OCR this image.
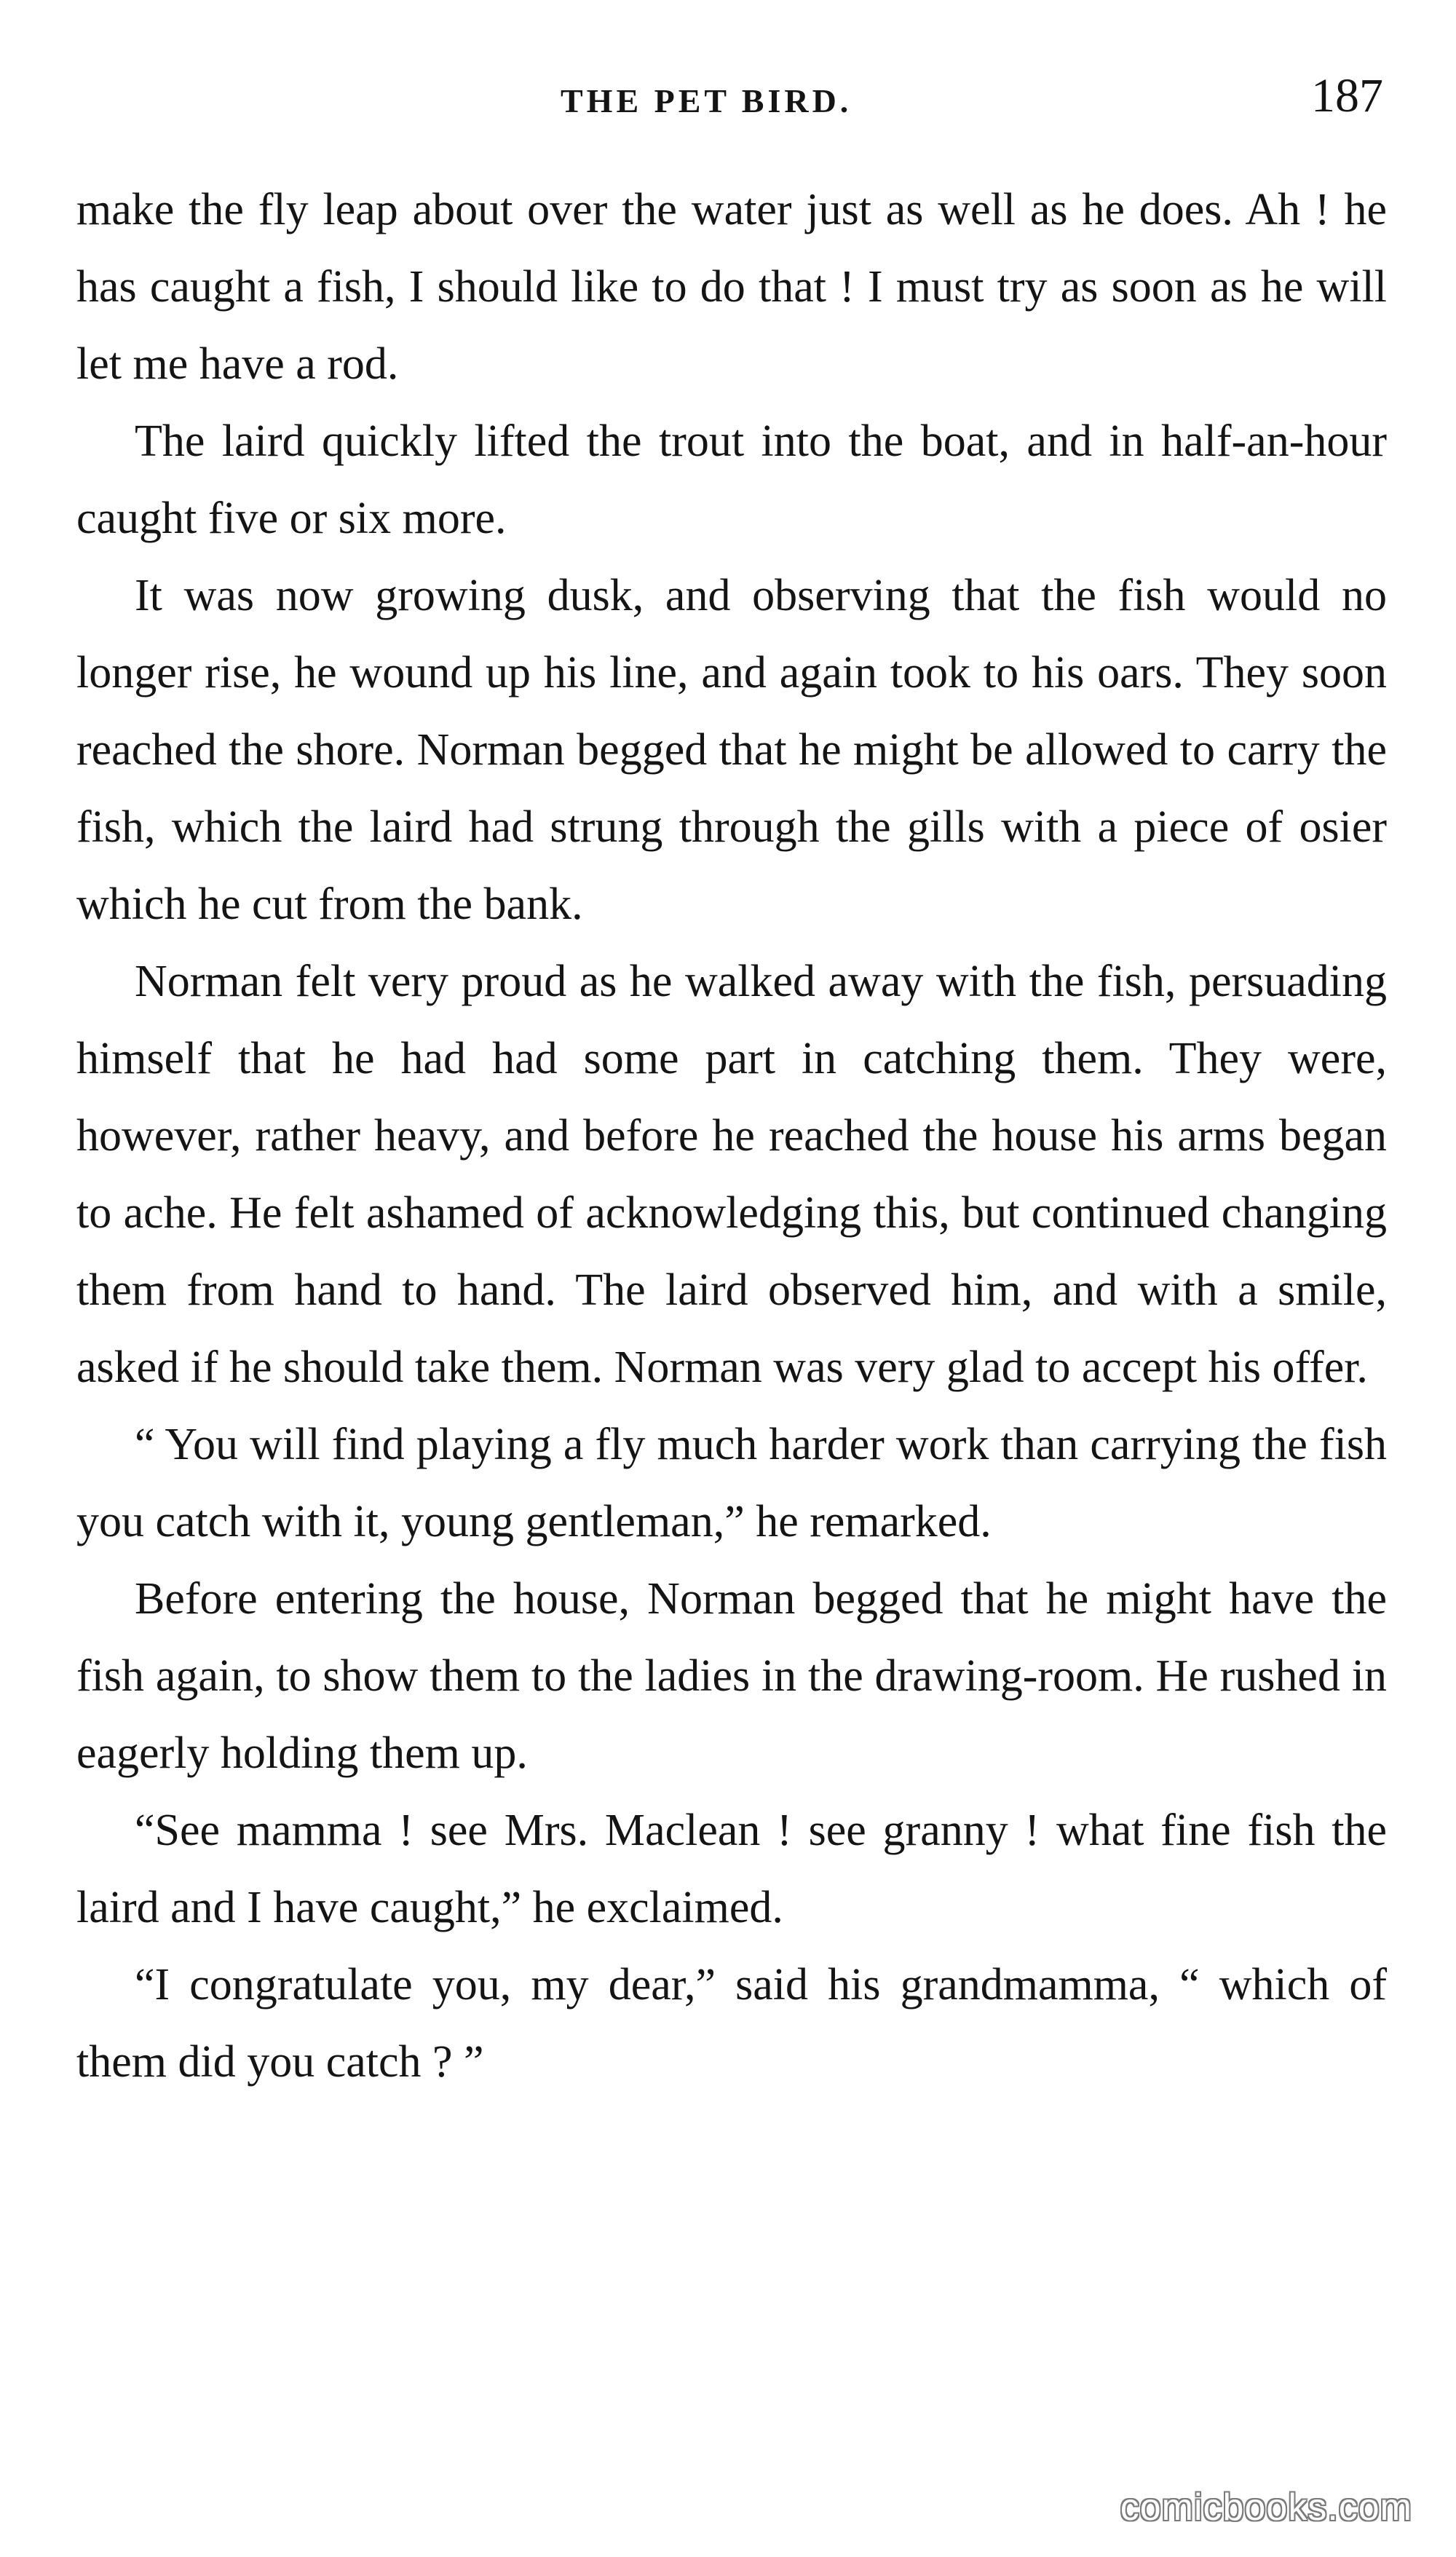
THE PET BIRD.	187

make the fly leap about over the water just as well as he does. Ah ! he has caught a fish, I should like to do that ! I must try as soon as he will let me have a rod.

The laird quickly lifted the trout into the boat, and in half-an-hour caught five or six more.

It was now growing dusk, and observing that the fish would no longer rise, he wound up his line, and again took to his oars. They soon reached the shore. Norman begged that he might be allowed to carry the fish, which the laird had strung through the gills with a piece of osier which he cut from the bank.

Norman felt very proud as he walked away with the fish, persuading himself that he had had some part in catching them. They were, however, rather heavy, and before he reached the house his arms began to ache. He felt ashamed of acknowledging this, but continued changing them from hand to hand. The laird observed him, and with a smile, asked if he should take them. Norman was very glad to accept his offer.

“ You will find playing a fly much harder work than carrying the fish you catch with it, young gentleman,” he remarked.

Before entering the house, Norman begged that he might have the fish again, to show them to the ladies in the drawing-room. He rushed in eagerly holding them up.

“See mamma ! see Mrs. Maclean ! see granny ! what fine fish the laird and I have caught,” he exclaimed.

“I congratulate you, my dear,” said his grandmamma, “ which of them did you catch ? ”

comicbooks.com
